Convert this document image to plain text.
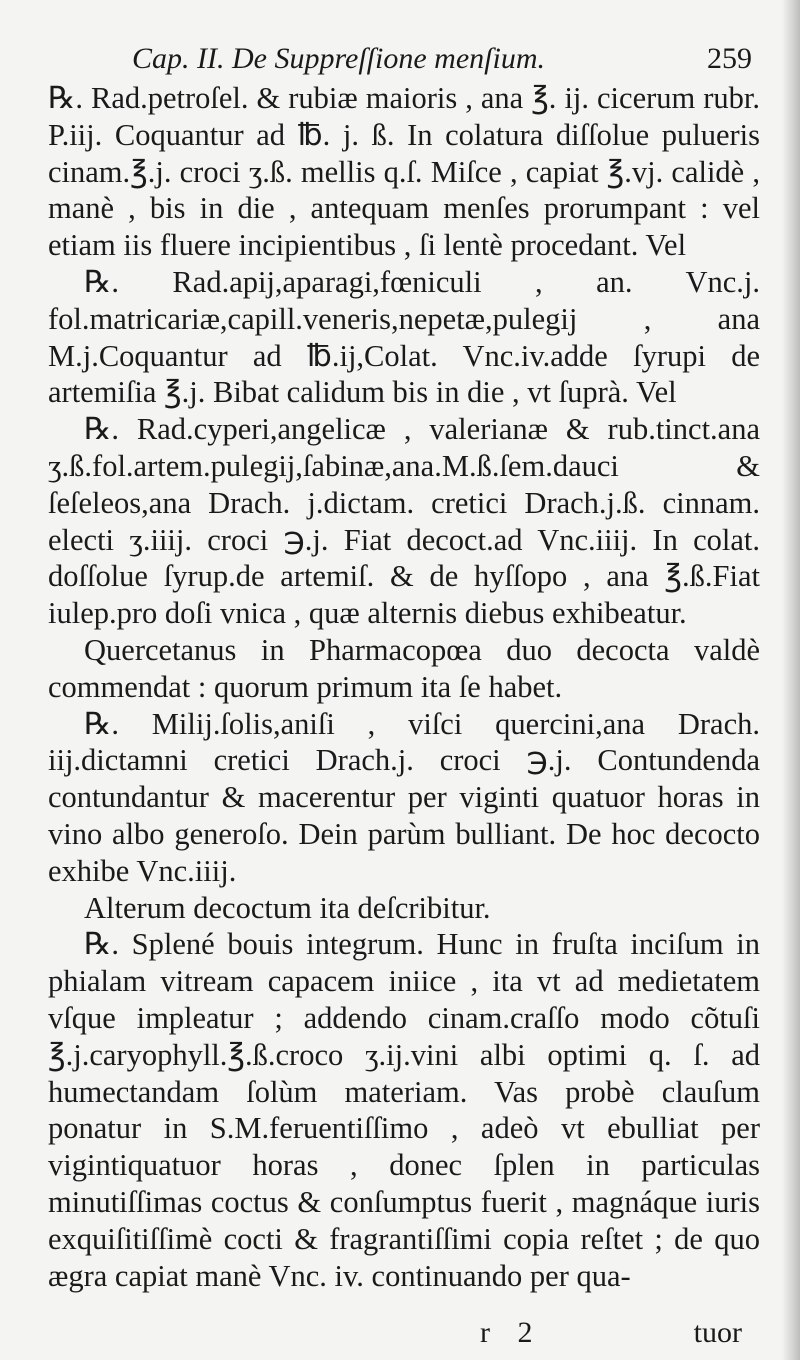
Cap. II. De Suppreſſione menſium.	259

℞. Rad.petroſel. & rubiæ maioris , ana ℥. ij. cicerum rubr. P.iij. Coquantur ad ℔. j. ß. In colatura diſſolue pulueris cinam.℥.j. croci ʒ.ß. mellis q.ſ. Miſce , capiat ℥.vj. calidè , manè , bis in die , antequam menſes prorumpant : vel etiam iis fluere incipientibus , ſi lentè procedant. Vel

℞. Rad.apij,aparagi,fœniculi , an. Vnc.j. fol.matricariæ,capill.veneris,nepetæ,pulegij , ana M.j.Coquantur ad ℔.ij,Colat. Vnc.iv.adde ſyrupi de artemiſia ℥.j. Bibat calidum bis in die , vt ſuprà. Vel

℞. Rad.cyperi,angelicæ , valerianæ & rub.tinct.ana ʒ.ß.fol.artem.pulegij,ſabinæ,ana.M.ß.ſem.dauci & ſeſeleos,ana Drach. j.dictam. cretici Drach.j.ß. cinnam. electi ʒ.iiij. croci ℈.j. Fiat decoct.ad Vnc.iiij. In colat. doſſolue ſyrup.de artemiſ. & de hyſſopo , ana ℥.ß.Fiat iulep.pro doſi vnica , quæ alternis diebus exhibeatur.

Quercetanus in Pharmacopœa duo decocta valdè commendat : quorum primum ita ſe habet.

℞. Milij.ſolis,aniſi , viſci quercini,ana Drach. iij.dictamni cretici Drach.j. croci ℈.j. Contundenda contundantur & macerentur per viginti quatuor horas in vino albo generoſo. Dein parùm bulliant. De hoc decocto exhibe Vnc.iiij.

Alterum decoctum ita deſcribitur.

℞. Splené bouis integrum. Hunc in fruſta inciſum in phialam vitream capacem iniice , ita vt ad medietatem vſque impleatur ; addendo cinam.craſſo modo cõtuſi ℥.j.caryophyll.℥.ß.croco ʒ.ij.vini albi optimi q. ſ. ad humectandam ſolùm materiam. Vas probè clauſum ponatur in S.M.feruentiſſimo , adeò vt ebulliat per vigintiquatuor horas , donec ſplen in particulas minutiſſimas coctus & conſumptus fuerit , magnáque iuris exquiſitiſſimè cocti & fragrantiſſimi copia reſtet ; de quo ægra capiat manè Vnc. iv. continuando per qua-

r 2	tuor
